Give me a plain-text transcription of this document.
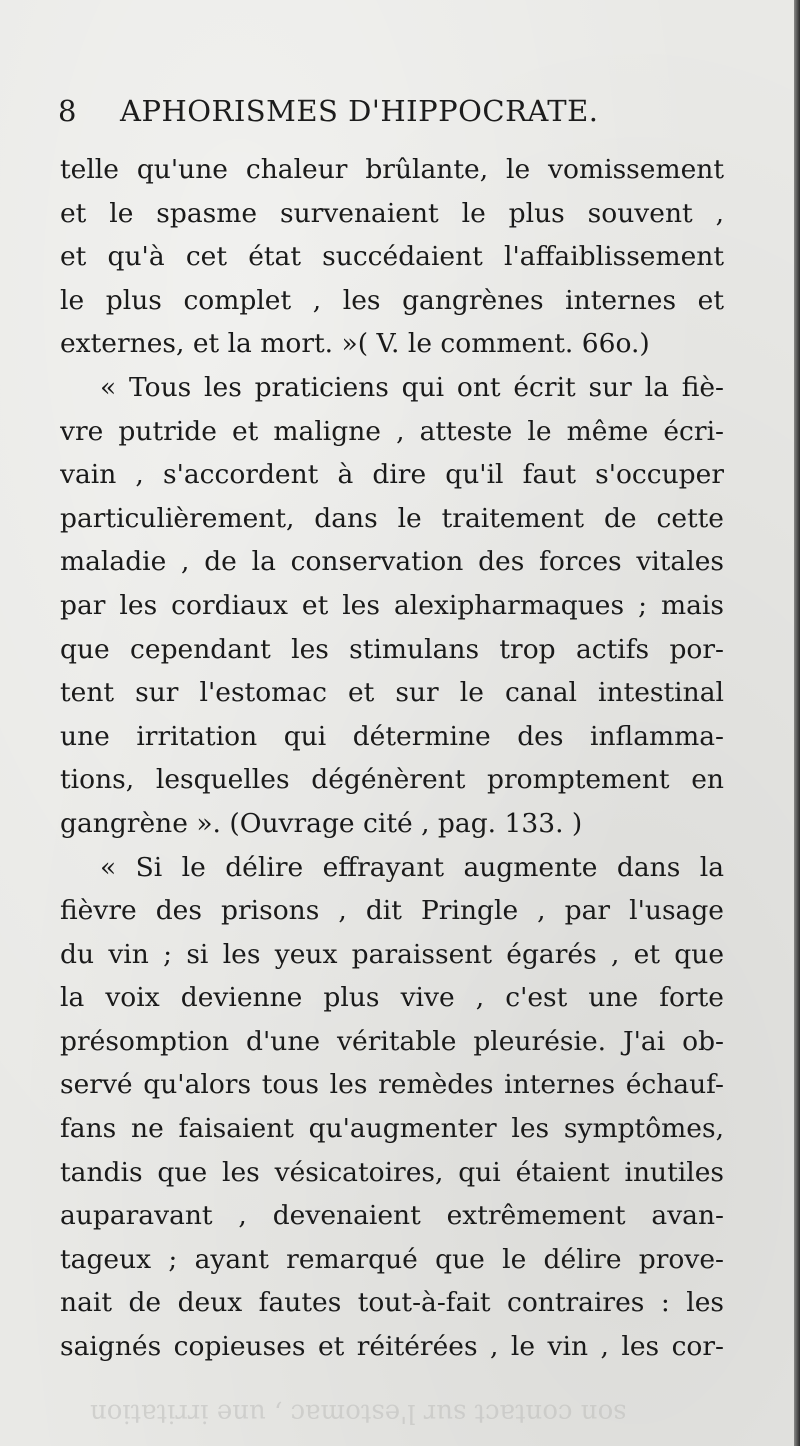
8 APHORISMES D'HIPPOCRATE.
telle qu'une chaleur brûlante, le vomissement
et le spasme survenaient le plus souvent ,
et qu'à cet état succédaient l'affaiblissement
le plus complet , les gangrènes internes et
externes, et la mort. »( V. le comment. 66o.)
« Tous les praticiens qui ont écrit sur la fiè-
vre putride et maligne , atteste le même écri-
vain , s'accordent à dire qu'il faut s'occuper
particulièrement, dans le traitement de cette
maladie , de la conservation des forces vitales
par les cordiaux et les alexipharmaques ; mais
que cependant les stimulans trop actifs por-
tent sur l'estomac et sur le canal intestinal
une irritation qui détermine des inflamma-
tions, lesquelles dégénèrent promptement en
gangrène ». (Ouvrage cité , pag. 133. )
« Si le délire effrayant augmente dans la
fièvre des prisons , dit Pringle , par l'usage
du vin ; si les yeux paraissent égarés , et que
la voix devienne plus vive , c'est une forte
présomption d'une véritable pleurésie. J'ai ob-
servé qu'alors tous les remèdes internes échauf-
fans ne faisaient qu'augmenter les symptômes,
tandis que les vésicatoires, qui étaient inutiles
auparavant , devenaient extrêmement avan-
tageux ; ayant remarqué que le délire prove-
nait de deux fautes tout-à-fait contraires : les
saignés copieuses et réitérées , le vin , les cor-
son contact sur l'estomac , une irritation
